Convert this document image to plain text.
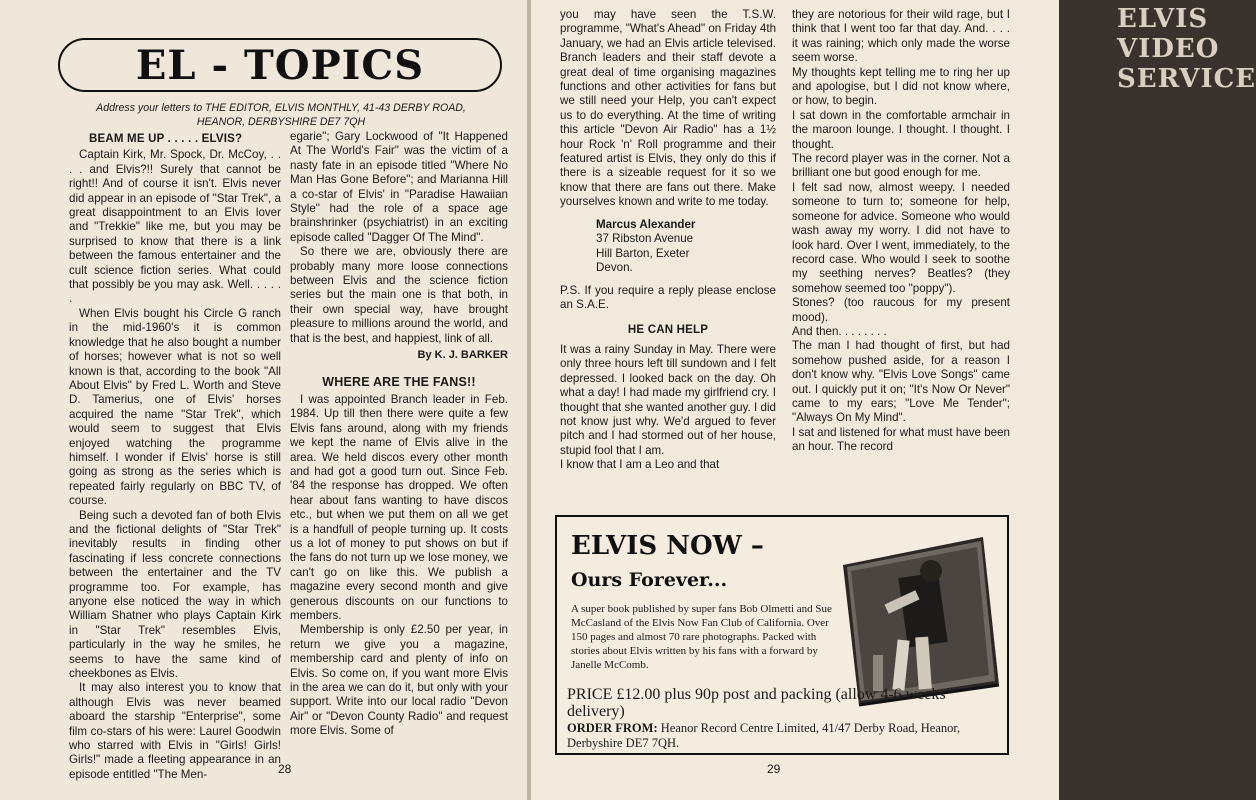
EL - TOPICS
Address your letters to THE EDITOR, ELVIS MONTHLY, 41-43 DERBY ROAD, HEANOR, DERBYSHIRE DE7 7QH
BEAM ME UP . . . . . ELVIS?

Captain Kirk, Mr. Spock, Dr. McCoy, . . . . and Elvis?!! Surely that cannot be right!! And of course it isn't. Elvis never did appear in an episode of "Star Trek", a great disappointment to an Elvis lover and "Trekkie" like me, but you may be surprised to know that there is a link between the famous entertainer and the cult science fiction series. What could that possibly be you may ask. Well. . . . . .

When Elvis bought his Circle G ranch in the mid-1960's it is common knowledge that he also bought a number of horses; however what is not so well known is that, according to the book "All About Elvis" by Fred L. Worth and Steve D. Tamerius, one of Elvis' horses acquired the name "Star Trek", which would seem to suggest that Elvis enjoyed watching the programme himself. I wonder if Elvis' horse is still going as strong as the series which is repeated fairly regularly on BBC TV, of course.

Being such a devoted fan of both Elvis and the fictional delights of "Star Trek" inevitably results in finding other fascinating if less concrete connections between the entertainer and the TV programme too. For example, has anyone else noticed the way in which William Shatner who plays Captain Kirk in "Star Trek" resembles Elvis, particularly in the way he smiles, he seems to have the same kind of cheekbones as Elvis.

It may also interest you to know that although Elvis was never beamed aboard the starship "Enterprise", some film co-stars of his were: Laurel Goodwin who starred with Elvis in "Girls! Girls! Girls!" made a fleeting appearance in an episode entitled "The Men-

egarie"; Gary Lockwood of "It Happened At The World's Fair" was the victim of a nasty fate in an episode titled "Where No Man Has Gone Before"; and Marianna Hill a co-star of Elvis' in "Paradise Hawaiian Style" had the role of a space age brainshrinker (psychiatrist) in an exciting episode called "Dagger Of The Mind".

So there we are, obviously there are probably many more loose connections between Elvis and the science fiction series but the main one is that both, in their own special way, have brought pleasure to millions around the world, and that is the best, and happiest, link of all.

By K. J. BARKER
WHERE ARE THE FANS!!

I was appointed Branch leader in Feb. 1984. Up till then there were quite a few Elvis fans around, along with my friends we kept the name of Elvis alive in the area. We held discos every other month and had got a good turn out. Since Feb. '84 the response has dropped. We often hear about fans wanting to have discos etc., but when we put them on all we get is a handfull of people turning up. It costs us a lot of money to put shows on but if the fans do not turn up we lose money, we can't go on like this. We publish a magazine every second month and give generous discounts on our functions to members.

Membership is only £2.50 per year, in return we give you a magazine, membership card and plenty of info on Elvis. So come on, if you want more Elvis in the area we can do it, but only with your support. Write into our local radio "Devon Air" or "Devon County Radio" and request more Elvis. Some of

28
ELVIS VIDEO SERVICE

you may have seen the T.S.W. programme, "What's Ahead" on Friday 4th January, we had an Elvis article televised. Branch leaders and their staff devote a great deal of time organising magazines functions and other activities for fans but we still need your Help, you can't expect us to do everything. At the time of writing this article "Devon Air Radio" has a 1½ hour Rock 'n' Roll programme and their featured artist is Elvis, they only do this if there is a sizeable request for it so we know that there are fans out there. Make yourselves known and write to me today.

Marcus Alexander
37 Ribston Avenue
Hill Barton, Exeter
Devon.

P.S. If you require a reply please enclose an S.A.E.

HE CAN HELP

It was a rainy Sunday in May. There were only three hours left till sundown and I felt depressed. I looked back on the day. Oh what a day! I had made my girlfriend cry. I thought that she wanted another guy. I did not know just why. We'd argued to fever pitch and I had stormed out of her house, stupid fool that I am.

I know that I am a Leo and that

they are notorious for their wild rage, but I think that I went too far that day. And. . . . it was raining; which only made the worse seem worse.

My thoughts kept telling me to ring her up and apologise, but I did not know where, or how, to begin.

I sat down in the comfortable armchair in the maroon lounge. I thought. I thought. I thought.

The record player was in the corner. Not a brilliant one but good enough for me.

I felt sad now, almost weepy. I needed someone to turn to; someone for help, someone for advice. Someone who would wash away my worry. I did not have to look hard. Over I went, immediately, to the record case. Who would I seek to soothe my seething nerves? Beatles? (they somehow seemed too "poppy").

Stones? (too raucous for my present mood).

And then. . . . . . . .

The man I had thought of first, but had somehow pushed aside, for a reason I don't know why. "Elvis Love Songs" came out. I quickly put it on; "It's Now Or Never" came to my ears; "Love Me Tender"; "Always On My Mind".

I sat and listened for what must have been an hour. The record

ELVIS NOW –
Ours Forever...
A super book published by super fans Bob Olmetti and Sue McCasland of the Elvis Now Fan Club of California. Over 150 pages and almost 70 rare photographs. Packed with stories about Elvis written by his fans with a forward by Janelle McComb.
PRICE £12.00 plus 90p post and packing (allow 4-6 weeks delivery)
ORDER FROM: Heanor Record Centre Limited, 41/47 Derby Road, Heanor, Derbyshire DE7 7QH.
29
